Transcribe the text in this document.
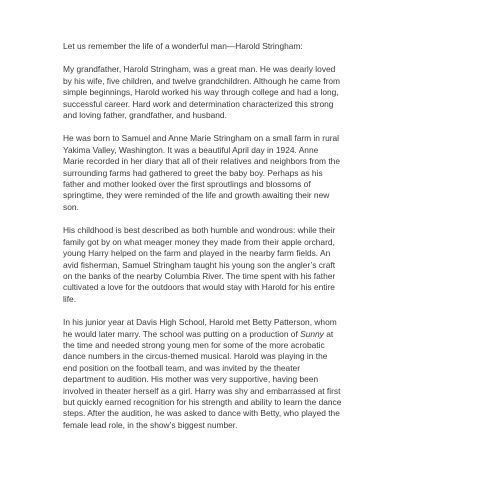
Let us remember the life of a wonderful man—Harold Stringham:

My grandfather, Harold Stringham, was a great man. He was dearly loved
by his wife, five children, and twelve grandchildren. Although he came from
simple beginnings, Harold worked his way through college and had a long,
successful career. Hard work and determination characterized this strong
and loving father, grandfather, and husband.
He was born to Samuel and Anne Marie Stringham on a small farm in rural
Yakima Valley, Washington. It was a beautiful April day in 1924. Anne
Marie recorded in her diary that all of their relatives and neighbors from the
surrounding farms had gathered to greet the baby boy. Perhaps as his
father and mother looked over the first sproutlings and blossoms of
springtime, they were reminded of the life and growth awaiting their new
son.
His childhood is best described as both humble and wondrous: while their
family got by on what meager money they made from their apple orchard,
young Harry helped on the farm and played in the nearby farm fields. An
avid fisherman, Samuel Stringham taught his young son the angler’s craft
on the banks of the nearby Columbia River. The time spent with his father
cultivated a love for the outdoors that would stay with Harold for his entire
life.
In his junior year at Davis High School, Harold met Betty Patterson, whom
he would later marry. The school was putting on a production of Sunny at
the time and needed strong young men for some of the more acrobatic
dance numbers in the circus-themed musical. Harold was playing in the
end position on the football team, and was invited by the theater
department to audition. His mother was very supportive, having been
involved in theater herself as a girl. Harry was shy and embarrassed at first
but quickly earned recognition for his strength and ability to learn the dance
steps. After the audition, he was asked to dance with Betty, who played the
female lead role, in the show’s biggest number.
